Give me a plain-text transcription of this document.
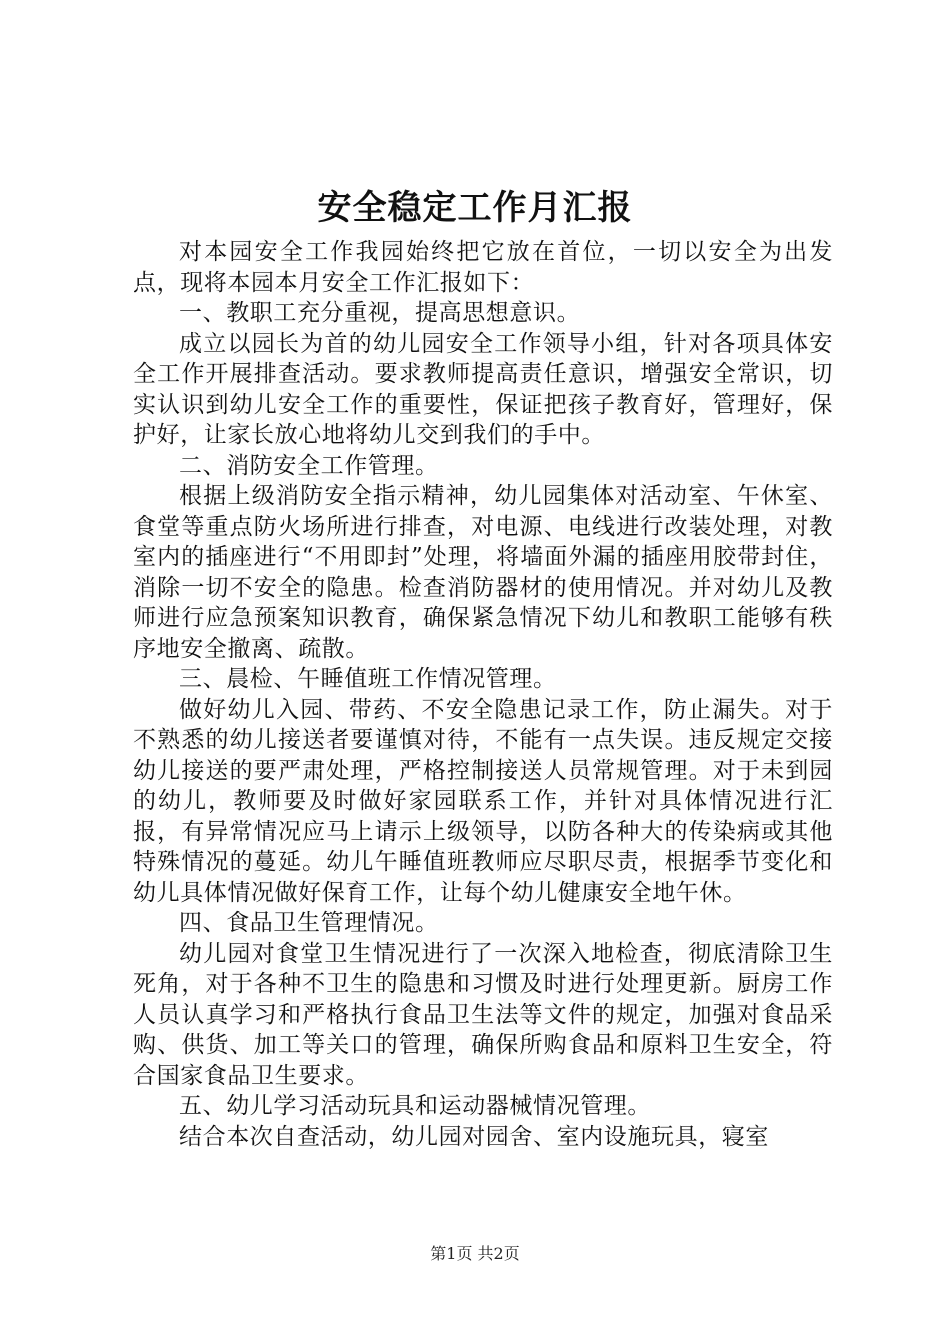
安全稳定工作月汇报

对本园安全工作我园始终把它放在首位，一切以安全为出发点，现将本园本月安全工作汇报如下：

一、教职工充分重视，提高思想意识。

成立以园长为首的幼儿园安全工作领导小组，针对各项具体安全工作开展排查活动。要求教师提高责任意识，增强安全常识，切实认识到幼儿安全工作的重要性，保证把孩子教育好，管理好，保护好，让家长放心地将幼儿交到我们的手中。

二、消防安全工作管理。

根据上级消防安全指示精神，幼儿园集体对活动室、午休室、食堂等重点防火场所进行排查，对电源、电线进行改装处理，对教室内的插座进行“不用即封”处理，将墙面外漏的插座用胶带封住，消除一切不安全的隐患。检查消防器材的使用情况。并对幼儿及教师进行应急预案知识教育，确保紧急情况下幼儿和教职工能够有秩序地安全撤离、疏散。

三、晨检、午睡值班工作情况管理。

做好幼儿入园、带药、不安全隐患记录工作，防止漏失。对于不熟悉的幼儿接送者要谨慎对待，不能有一点失误。违反规定交接幼儿接送的要严肃处理，严格控制接送人员常规管理。对于未到园的幼儿，教师要及时做好家园联系工作，并针对具体情况进行汇报，有异常情况应马上请示上级领导，以防各种大的传染病或其他特殊情况的蔓延。幼儿午睡值班教师应尽职尽责，根据季节变化和幼儿具体情况做好保育工作，让每个幼儿健康安全地午休。

四、食品卫生管理情况。

幼儿园对食堂卫生情况进行了一次深入地检查，彻底清除卫生死角，对于各种不卫生的隐患和习惯及时进行处理更新。厨房工作人员认真学习和严格执行食品卫生法等文件的规定，加强对食品采购、供货、加工等关口的管理，确保所购食品和原料卫生安全，符合国家食品卫生要求。

五、幼儿学习活动玩具和运动器械情况管理。

结合本次自查活动，幼儿园对园舍、室内设施玩具，寝室

第1页 共2页
